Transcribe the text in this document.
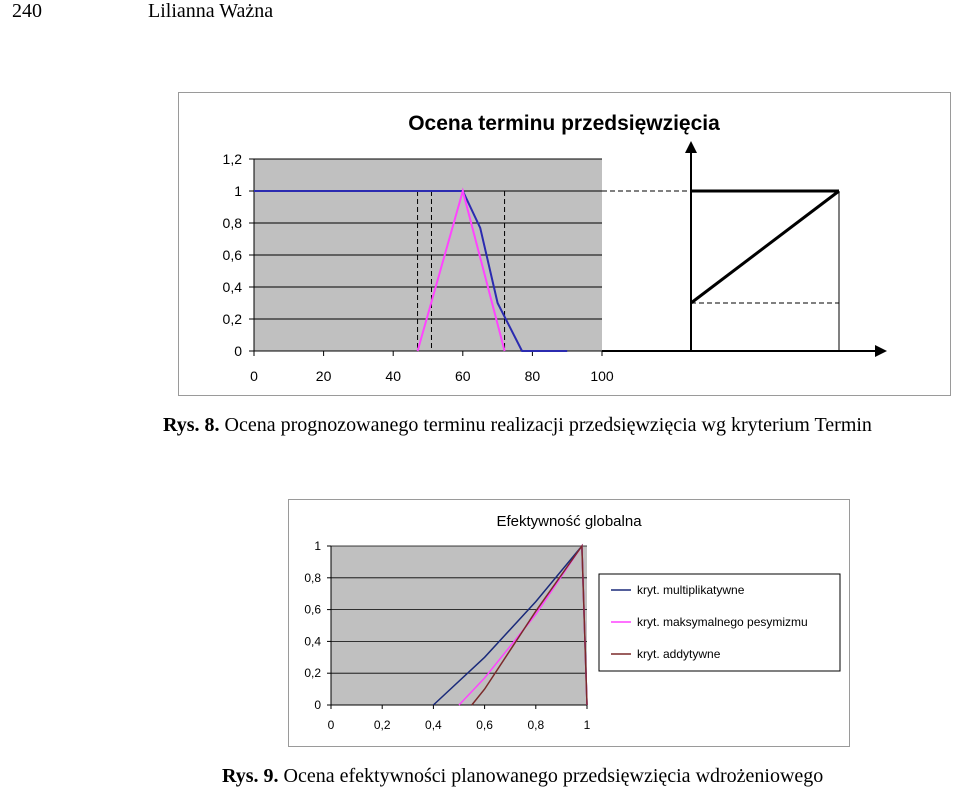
240	Lilianna Ważna
Ocena terminu przedsięwzięcia
0
0,2
0,4
0,6
0,8
1
1,2
0	20	40	60	80	100
Rys. 8. Ocena prognozowanego terminu realizacji przedsięwzięcia wg kryterium Termin
Efektywność globalna
0
0,2
0,4
0,6
0,8
1
0	0,2	0,4	0,6	0,8	1
kryt. multiplikatywne
kryt. maksymalnego pesymizmu
kryt. addytywne
Rys. 9. Ocena efektywności planowanego przedsięwzięcia wdrożeniowego
